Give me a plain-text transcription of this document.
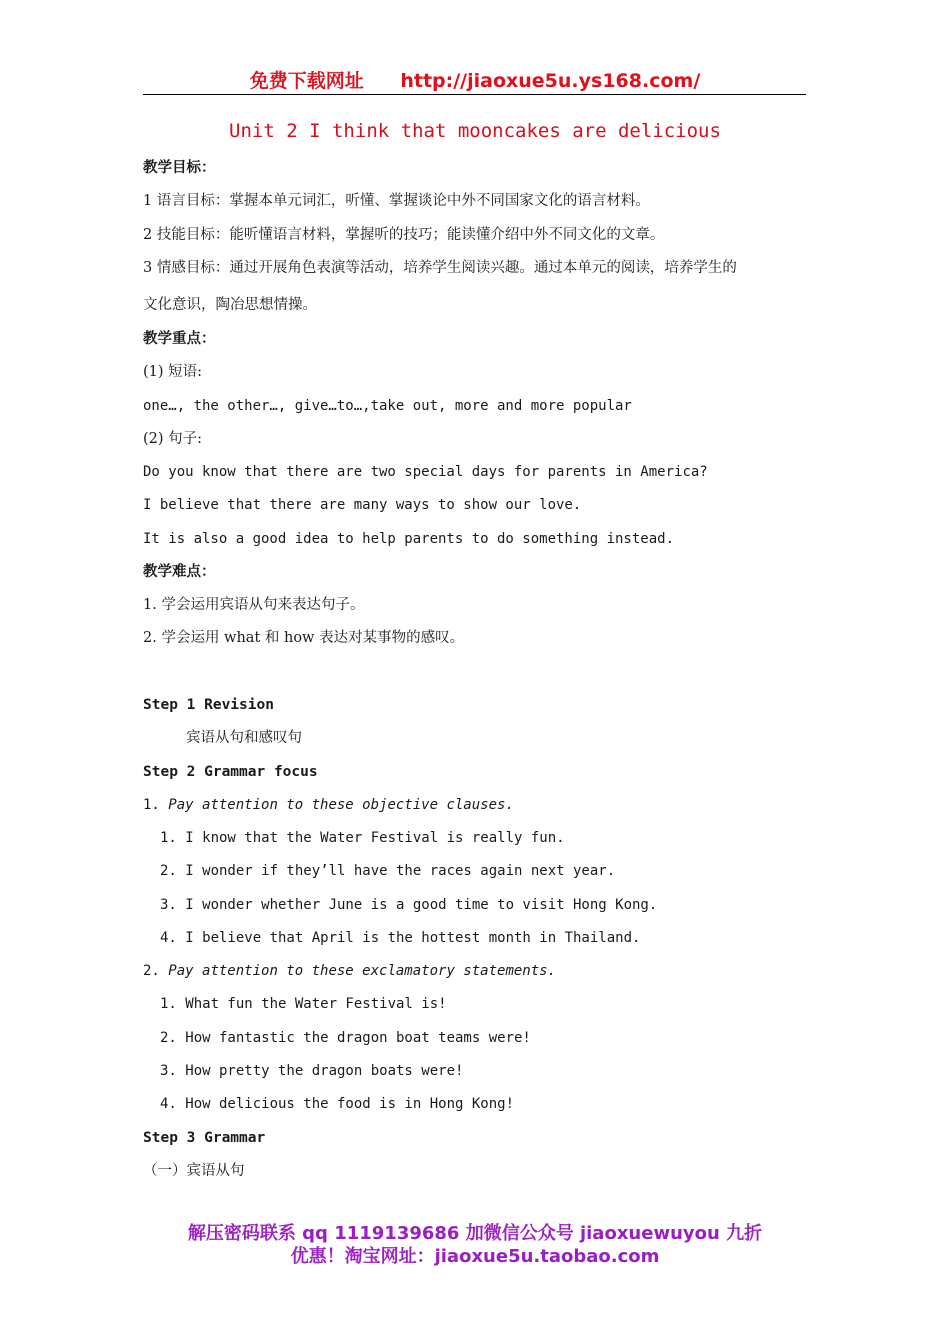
免费下载网址 http://jiaoxue5u.ys168.com/
Unit 2 I think that mooncakes are delicious
教学目标：
1 语言目标：掌握本单元词汇，听懂、掌握谈论中外不同国家文化的语言材料。
2 技能目标：能听懂语言材料，掌握听的技巧；能读懂介绍中外不同文化的文章。
3 情感目标：通过开展角色表演等活动，培养学生阅读兴趣。通过本单元的阅读，培养学生的
文化意识，陶冶思想情操。
教学重点：
(1) 短语:
one…, the other…, give…to…,take out, more and more popular
(2) 句子:
Do you know that there are two special days for parents in America?
I believe that there are many ways to show our love.
It is also a good idea to help parents to do something instead.
教学难点：
1. 学会运用宾语从句来表达句子。
2. 学会运用 what 和 how 表达对某事物的感叹。
Step 1 Revision
宾语从句和感叹句
Step 2 Grammar focus
1. Pay attention to these objective clauses.
1. I know that the Water Festival is really fun.
2. I wonder if they’ll have the races again next year.
3. I wonder whether June is a good time to visit Hong Kong.
4. I believe that April is the hottest month in Thailand.
2. Pay attention to these exclamatory statements.
1. What fun the Water Festival is!
2. How fantastic the dragon boat teams were!
3. How pretty the dragon boats were!
4. How delicious the food is in Hong Kong!
Step 3 Grammar
（一）宾语从句
解压密码联系 qq 1119139686 加微信公众号 jiaoxuewuyou 九折
优惠！淘宝网址：jiaoxue5u.taobao.com
